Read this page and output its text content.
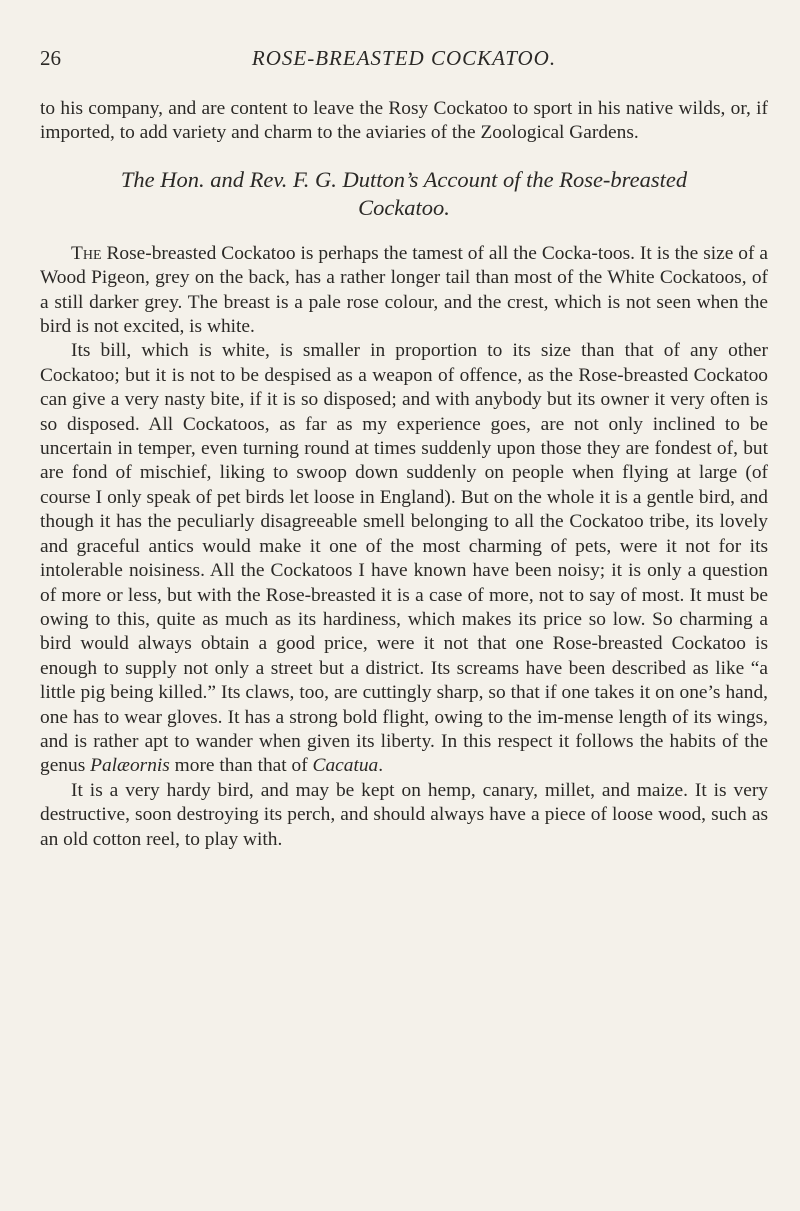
26	ROSE-BREASTED COCKATOO.

to his company, and are content to leave the Rosy Cockatoo to sport in his native wilds, or, if imported, to add variety and charm to the aviaries of the Zoological Gardens.

The Hon. and Rev. F. G. Dutton’s Account of the Rose-breasted
Cockatoo.

The Rose-breasted Cockatoo is perhaps the tamest of all the Cocka-toos. It is the size of a Wood Pigeon, grey on the back, has a rather longer tail than most of the White Cockatoos, of a still darker grey. The breast is a pale rose colour, and the crest, which is not seen when the bird is not excited, is white.

Its bill, which is white, is smaller in proportion to its size than that of any other Cockatoo; but it is not to be despised as a weapon of offence, as the Rose-breasted Cockatoo can give a very nasty bite, if it is so disposed; and with anybody but its owner it very often is so disposed. All Cockatoos, as far as my experience goes, are not only inclined to be uncertain in temper, even turning round at times suddenly upon those they are fondest of, but are fond of mischief, liking to swoop down suddenly on people when flying at large (of course I only speak of pet birds let loose in England). But on the whole it is a gentle bird, and though it has the peculiarly disagreeable smell belonging to all the Cockatoo tribe, its lovely and graceful antics would make it one of the most charming of pets, were it not for its intolerable noisiness. All the Cockatoos I have known have been noisy; it is only a question of more or less, but with the Rose-breasted it is a case of more, not to say of most. It must be owing to this, quite as much as its hardiness, which makes its price so low. So charming a bird would always obtain a good price, were it not that one Rose-breasted Cockatoo is enough to supply not only a street but a district. Its screams have been described as like “a little pig being killed.” Its claws, too, are cuttingly sharp, so that if one takes it on one’s hand, one has to wear gloves. It has a strong bold flight, owing to the im-mense length of its wings, and is rather apt to wander when given its liberty. In this respect it follows the habits of the genus Palæornis more than that of Cacatua.

It is a very hardy bird, and may be kept on hemp, canary, millet, and maize. It is very destructive, soon destroying its perch, and should always have a piece of loose wood, such as an old cotton reel, to play with.
